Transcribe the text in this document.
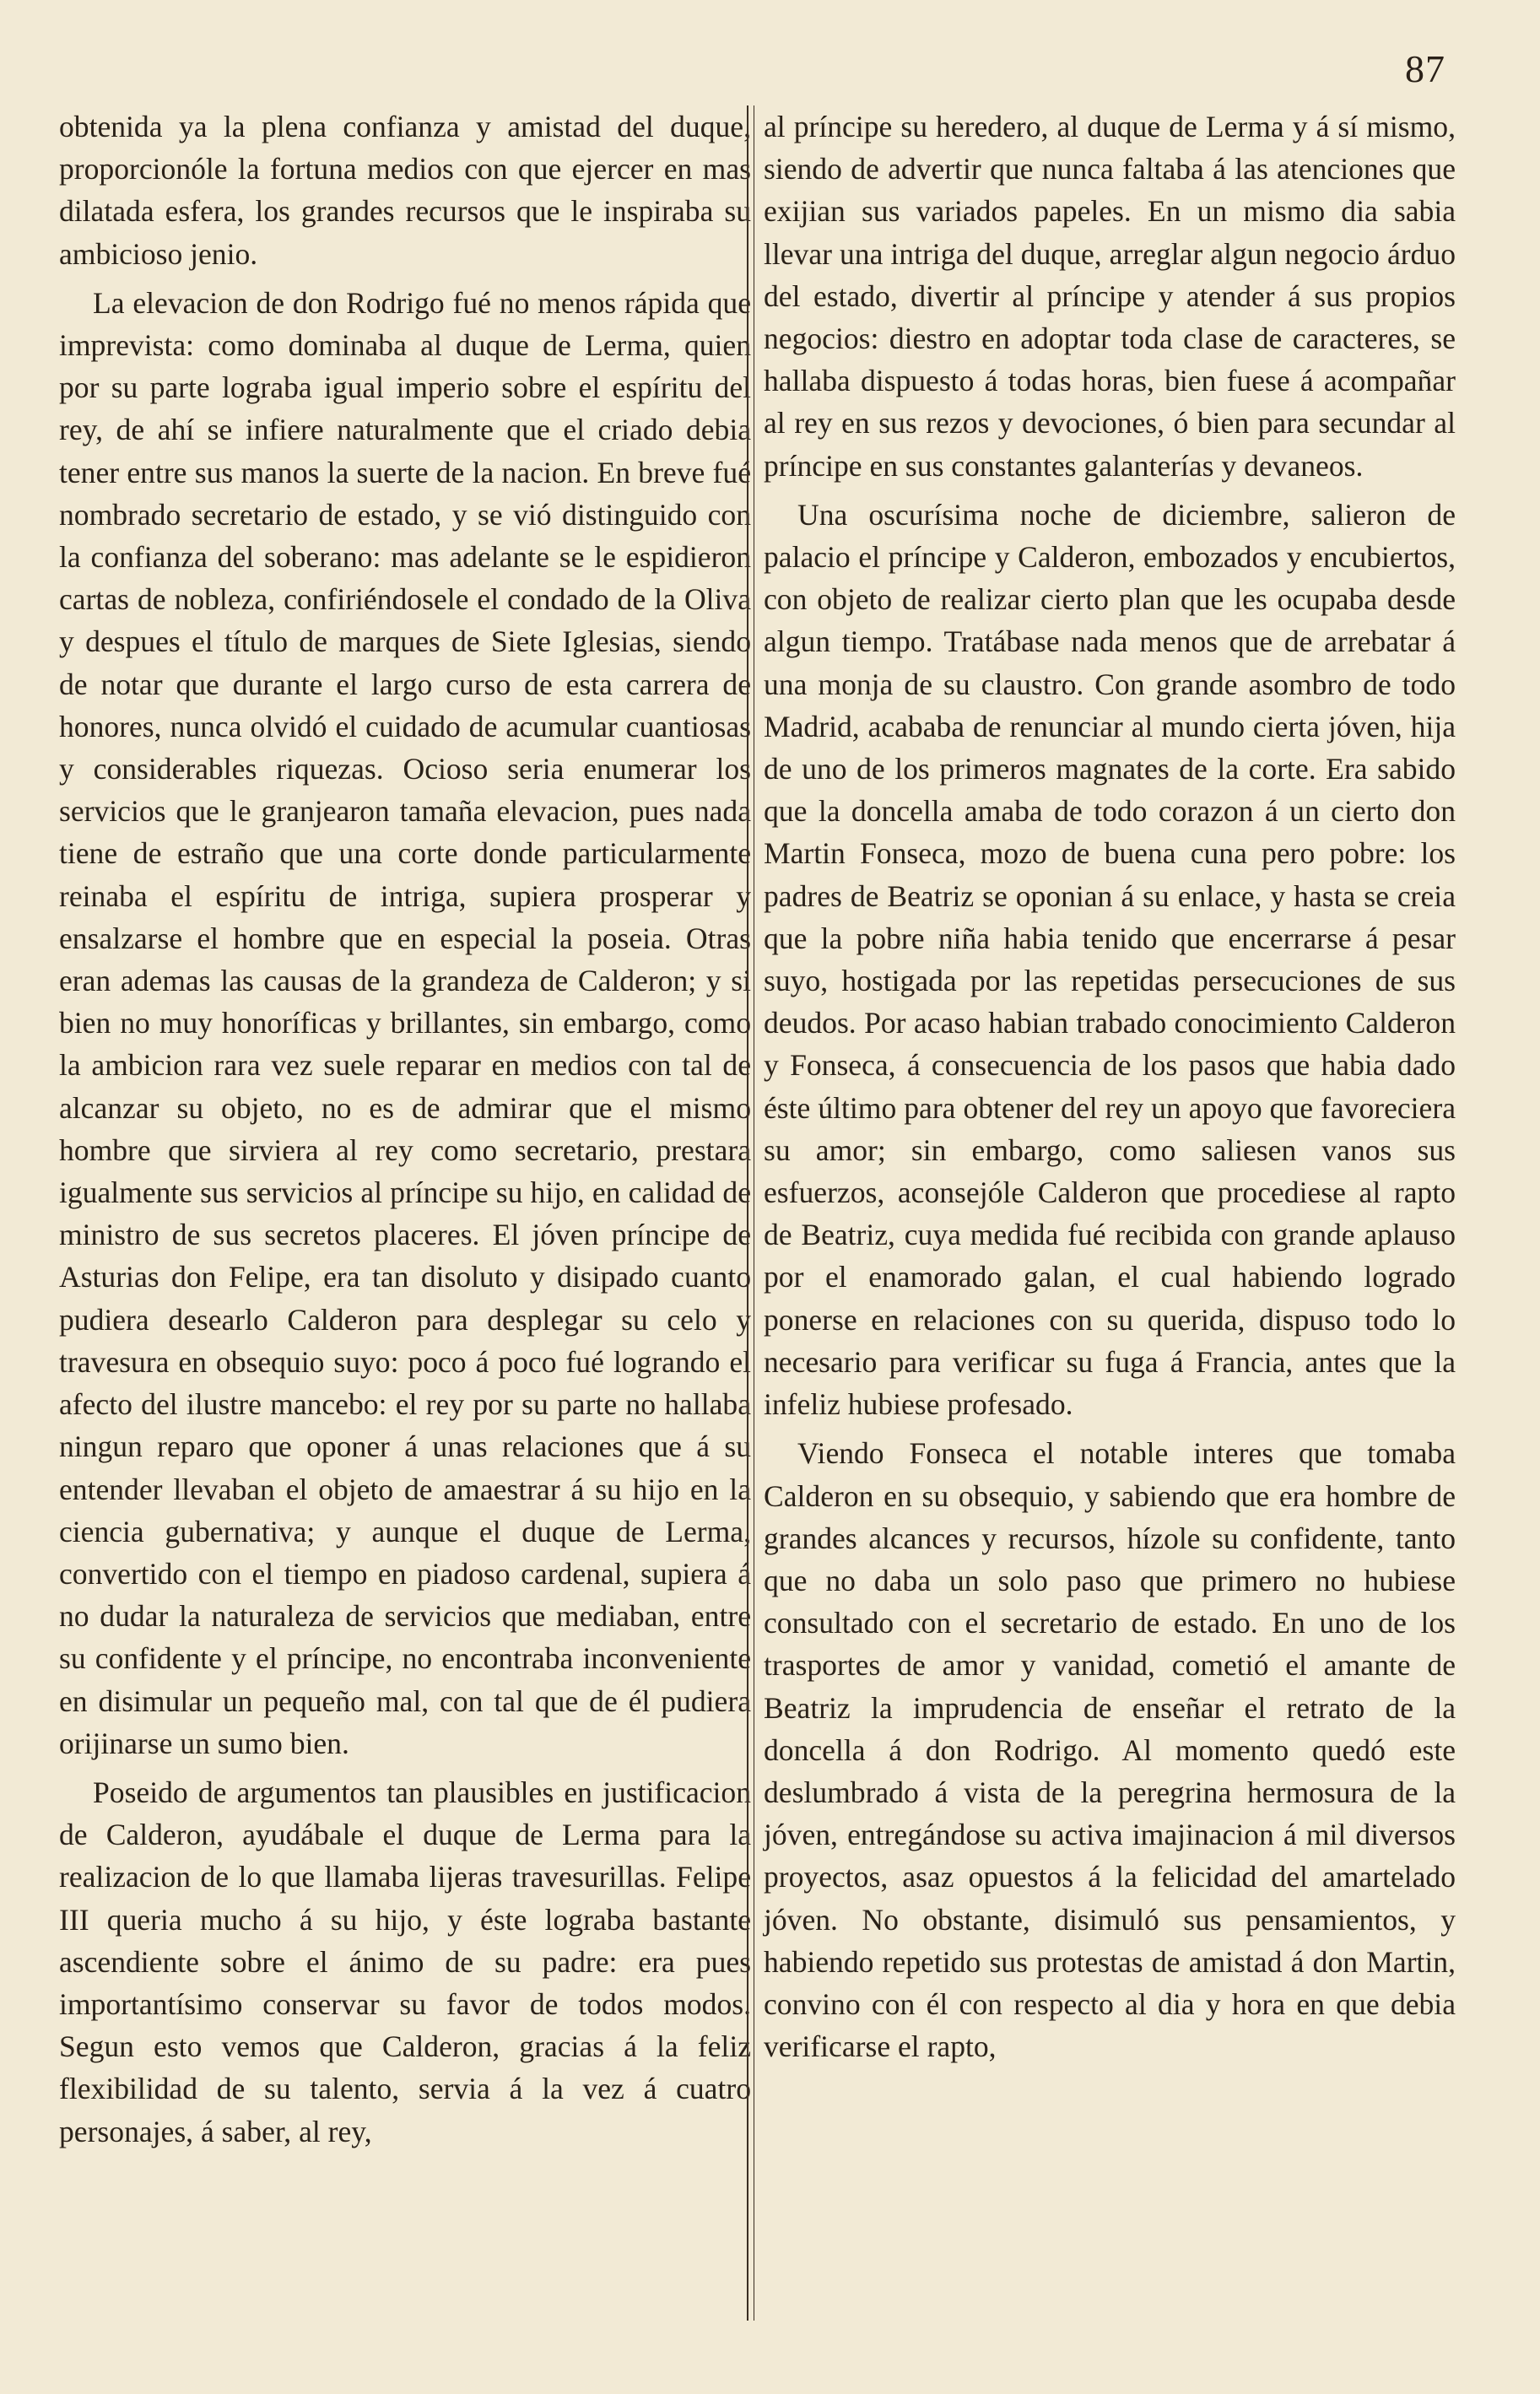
87

obtenida ya la plena confianza y amistad del duque, proporcionóle la fortuna medios con que ejercer en mas dilatada esfera, los grandes recursos que le inspiraba su ambicioso jenio.

La elevacion de don Rodrigo fué no menos rápida que imprevista: como dominaba al duque de Lerma, quien por su parte lograba igual imperio sobre el espíritu del rey, de ahí se infiere naturalmente que el criado debia tener entre sus manos la suerte de la nacion. En breve fué nombrado secretario de estado, y se vió distinguido con la confianza del soberano: mas adelante se le espidieron cartas de nobleza, confiriéndosele el condado de la Oliva y despues el título de marques de Siete Iglesias, siendo de notar que durante el largo curso de esta carrera de honores, nunca olvidó el cuidado de acumular cuantiosas y considerables riquezas. Ocioso seria enumerar los servicios que le granjearon tamaña elevacion, pues nada tiene de estraño que una corte donde particularmente reinaba el espíritu de intriga, supiera prosperar y ensalzarse el hombre que en especial la poseia. Otras eran ademas las causas de la grandeza de Calderon; y si bien no muy honoríficas y brillantes, sin embargo, como la ambicion rara vez suele reparar en medios con tal de alcanzar su objeto, no es de admirar que el mismo hombre que sirviera al rey como secretario, prestara igualmente sus servicios al príncipe su hijo, en calidad de ministro de sus secretos placeres. El jóven príncipe de Asturias don Felipe, era tan disoluto y disipado cuanto pudiera desearlo Calderon para desplegar su celo y travesura en obsequio suyo: poco á poco fué logrando el afecto del ilustre mancebo: el rey por su parte no hallaba ningun reparo que oponer á unas relaciones que á su entender llevaban el objeto de amaestrar á su hijo en la ciencia gubernativa; y aunque el duque de Lerma, convertido con el tiempo en piadoso cardenal, supiera á no dudar la naturaleza de servicios que mediaban, entre su confidente y el príncipe, no encontraba inconveniente en disimular un pequeño mal, con tal que de él pudiera orijinarse un sumo bien.

Poseido de argumentos tan plausibles en justificacion de Calderon, ayudábale el duque de Lerma para la realizacion de lo que llamaba lijeras travesurillas. Felipe III queria mucho á su hijo, y éste lograba bastante ascendiente sobre el ánimo de su padre: era pues importantísimo conservar su favor de todos modos. Segun esto vemos que Calderon, gracias á la feliz flexibilidad de su talento, servia á la vez á cuatro personajes, á saber, al rey,

al príncipe su heredero, al duque de Lerma y á sí mismo, siendo de advertir que nunca faltaba á las atenciones que exijian sus variados papeles. En un mismo dia sabia llevar una intriga del duque, arreglar algun negocio árduo del estado, divertir al príncipe y atender á sus propios negocios: diestro en adoptar toda clase de caracteres, se hallaba dispuesto á todas horas, bien fuese á acompañar al rey en sus rezos y devociones, ó bien para secundar al príncipe en sus constantes galanterías y devaneos.

Una oscurísima noche de diciembre, salieron de palacio el príncipe y Calderon, embozados y encubiertos, con objeto de realizar cierto plan que les ocupaba desde algun tiempo. Tratábase nada menos que de arrebatar á una monja de su claustro. Con grande asombro de todo Madrid, acababa de renunciar al mundo cierta jóven, hija de uno de los primeros magnates de la corte. Era sabido que la doncella amaba de todo corazon á un cierto don Martin Fonseca, mozo de buena cuna pero pobre: los padres de Beatriz se oponian á su enlace, y hasta se creia que la pobre niña habia tenido que encerrarse á pesar suyo, hostigada por las repetidas persecuciones de sus deudos. Por acaso habian trabado conocimiento Calderon y Fonseca, á consecuencia de los pasos que habia dado éste último para obtener del rey un apoyo que favoreciera su amor; sin embargo, como saliesen vanos sus esfuerzos, aconsejóle Calderon que procediese al rapto de Beatriz, cuya medida fué recibida con grande aplauso por el enamorado galan, el cual habiendo logrado ponerse en relaciones con su querida, dispuso todo lo necesario para verificar su fuga á Francia, antes que la infeliz hubiese profesado.

Viendo Fonseca el notable interes que tomaba Calderon en su obsequio, y sabiendo que era hombre de grandes alcances y recursos, hízole su confidente, tanto que no daba un solo paso que primero no hubiese consultado con el secretario de estado. En uno de los trasportes de amor y vanidad, cometió el amante de Beatriz la imprudencia de enseñar el retrato de la doncella á don Rodrigo. Al momento quedó este deslumbrado á vista de la peregrina hermosura de la jóven, entregándose su activa imajinacion á mil diversos proyectos, asaz opuestos á la felicidad del amartelado jóven. No obstante, disimuló sus pensamientos, y habiendo repetido sus protestas de amistad á don Martin, convino con él con respecto al dia y hora en que debia verificarse el rapto,
